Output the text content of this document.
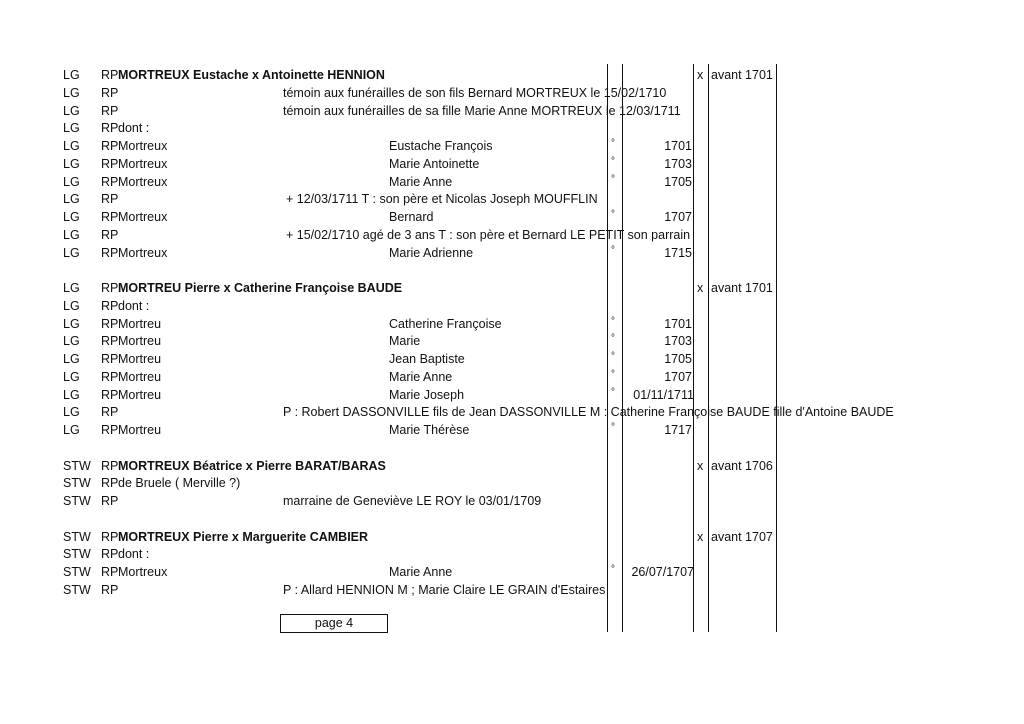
LG RP MORTREUX Eustache x Antoinette HENNION	x avant 1701
LG RP	témoin aux funérailles de son fils Bernard MORTREUX le 15/02/1710
LG RP	témoin aux funérailles de sa fille Marie Anne MORTREUX le 12/03/1711
LG RP dont :
LG RP Mortreux	Eustache François	°	1701
LG RP Mortreux	Marie Antoinette	°	1703
LG RP Mortreux	Marie Anne	°	1705
LG RP	+ 12/03/1711 T : son père et Nicolas Joseph MOUFFLIN
LG RP Mortreux	Bernard	°	1707
LG RP	+ 15/02/1710 agé de 3 ans T : son père et Bernard LE PETIT son parrain
LG RP Mortreux	Marie Adrienne	°	1715
LG RP MORTREU Pierre x Catherine Françoise BAUDE	x avant 1701
LG RP dont :
LG RP Mortreu	Catherine Françoise	°	1701
LG RP Mortreu	Marie	°	1703
LG RP Mortreu	Jean Baptiste	°	1705
LG RP Mortreu	Marie Anne	°	1707
LG RP Mortreu	Marie Joseph	°	01/11/1711
LG RP	P : Robert DASSONVILLE fils de Jean DASSONVILLE M : Catherine Françoise BAUDE fille d'Antoine BAUDE
LG RP Mortreu	Marie Thérèse	°	1717
STW RP MORTREUX Béatrice x Pierre BARAT/BARAS	x avant 1706
STW RP de Bruele ( Merville ?)
STW RP	marraine de Geneviève LE ROY le 03/01/1709
STW RP MORTREUX Pierre x Marguerite CAMBIER	x avant 1707
STW RP dont :
STW RP Mortreux	Marie Anne	°	26/07/1707
STW RP	P : Allard HENNION M ; Marie Claire LE GRAIN d'Estaires
page 4
